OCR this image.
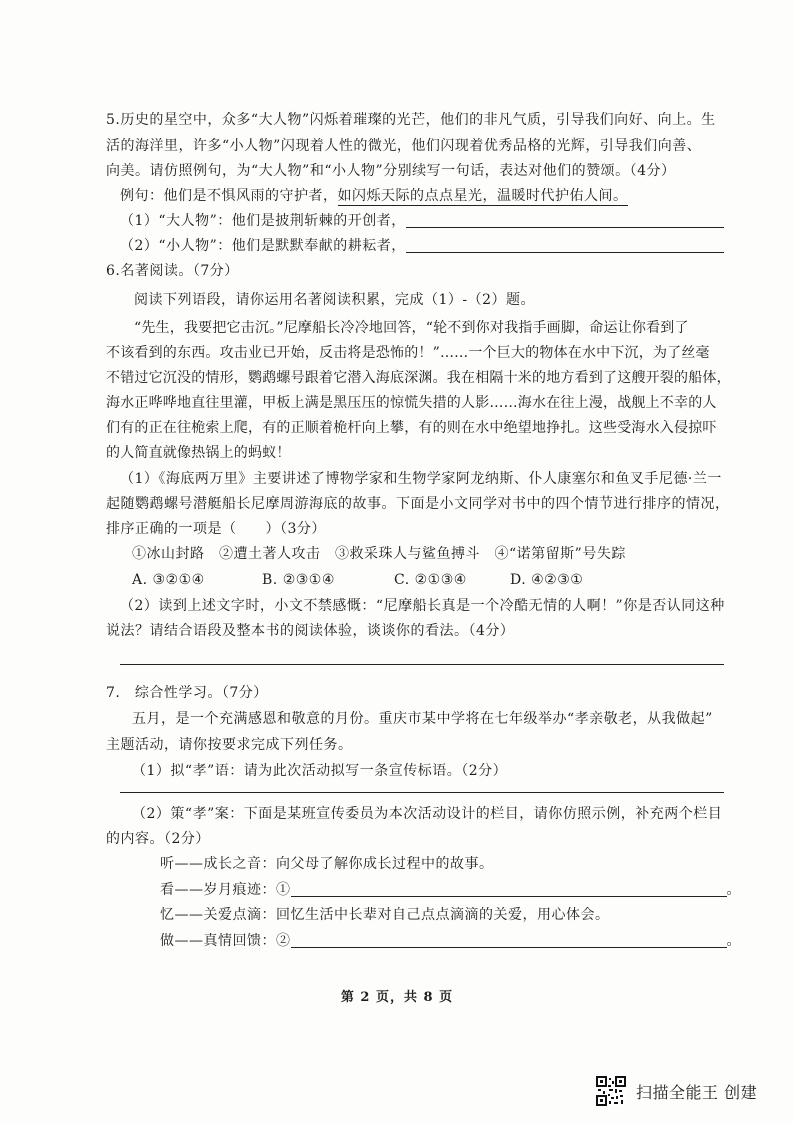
5.历史的星空中，众多“大人物”闪烁着璀璨的光芒，他们的非凡气质，引导我们向好、向上。生
活的海洋里，许多“小人物”闪现着人性的微光，他们闪现着优秀品格的光辉，引导我们向善、
向美。请仿照例句，为“大人物”和“小人物”分别续写一句话，表达对他们的赞颂。（4分）
例句：他们是不惧风雨的守护者，如闪烁天际的点点星光，温暖时代护佑人间。
（1）“大人物”：他们是披荆斩棘的开创者，
（2）“小人物”：他们是默默奉献的耕耘者，
6.名著阅读。（7分）
阅读下列语段，请你运用名著阅读积累，完成（1）-（2）题。
“先生，我要把它击沉。”尼摩船长冷冷地回答，“轮不到你对我指手画脚，命运让你看到了
不该看到的东西。攻击业已开始，反击将是恐怖的！”……一个巨大的物体在水中下沉，为了丝毫
不错过它沉没的情形，鹦鹉螺号跟着它潜入海底深渊。我在相隔十米的地方看到了这艘开裂的船体，
海水正哗哗地直往里灌，甲板上满是黑压压的惊慌失措的人影……海水在往上漫，战舰上不幸的人
们有的正在往桅索上爬，有的正顺着桅杆向上攀，有的则在水中绝望地挣扎。这些受海水入侵掠吓
的人简直就像热锅上的蚂蚁！
（1）《海底两万里》主要讲述了博物学家和生物学家阿龙纳斯、仆人康塞尔和鱼叉手尼德·兰一
起随鹦鹉螺号潜艇船长尼摩周游海底的故事。下面是小文同学对书中的四个情节进行排序的情况，
排序正确的一项是（　　）（3分）
①冰山封路　②遭土著人攻击　③救采珠人与鲨鱼搏斗　④“诺第留斯”号失踪
A. ③②①④	B. ②③①④	C. ②①③④	D. ④②③①
（2）读到上述文字时，小文不禁感慨：“尼摩船长真是一个冷酷无情的人啊！”你是否认同这种
说法？请结合语段及整本书的阅读体验，谈谈你的看法。（4分）
7.　综合性学习。（7分）
五月，是一个充满感恩和敬意的月份。重庆市某中学将在七年级举办“孝亲敬老，从我做起”
主题活动，请你按要求完成下列任务。
（1）拟“孝”语：请为此次活动拟写一条宣传标语。（2分）
（2）策“孝”案：下面是某班宣传委员为本次活动设计的栏目，请你仿照示例，补充两个栏目
的内容。（2分）
听——成长之音：向父母了解你成长过程中的故事。
看——岁月痕迹：①	。
忆——关爱点滴：回忆生活中长辈对自己点点滴滴的关爱，用心体会。
做——真情回馈：②	。
第 2 页，共 8 页
扫描全能王 创建
